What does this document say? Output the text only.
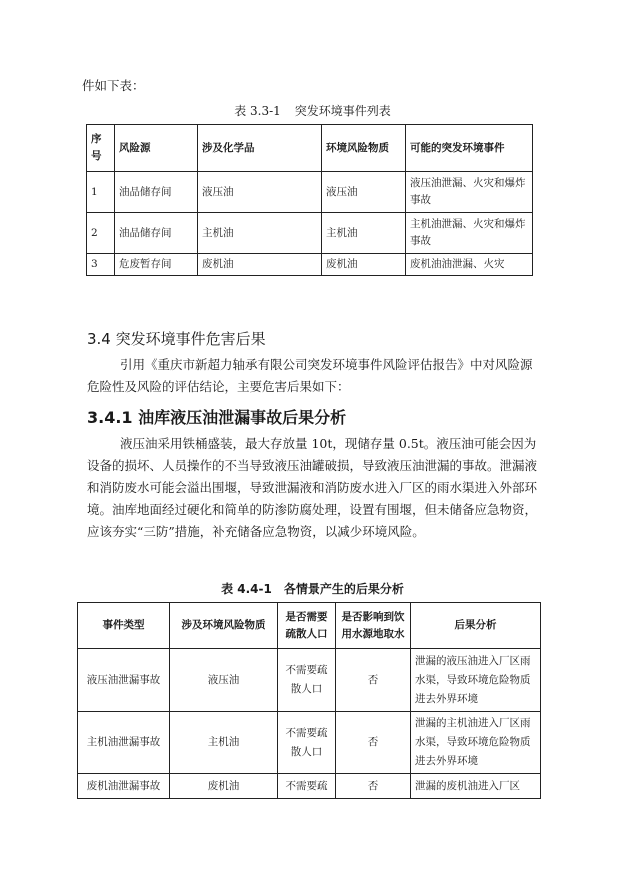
件如下表：
表 3.3-1 突发环境事件列表
序号	风险源	涉及化学品	环境风险物质	可能的突发环境事件
1	油品储存间	液压油	液压油	液压油泄漏、火灾和爆炸事故
2	油品储存间	主机油	主机油	主机油泄漏、火灾和爆炸事故
3	危废暂存间	废机油	废机油	废机油油泄漏、火灾
3.4 突发环境事件危害后果
引用《重庆市新超力轴承有限公司突发环境事件风险评估报告》中对风险源危险性及风险的评估结论，主要危害后果如下：
3.4.1 油库液压油泄漏事故后果分析
液压油采用铁桶盛装，最大存放量 10t，现储存量 0.5t。液压油可能会因为设备的损坏、人员操作的不当导致液压油罐破损，导致液压油泄漏的事故。泄漏液和消防废水可能会溢出围堰，导致泄漏液和消防废水进入厂区的雨水渠进入外部环境。油库地面经过硬化和简单的防渗防腐处理，设置有围堰，但未储备应急物资，应该夯实“三防”措施，补充储备应急物资，以减少环境风险。
表 4.4-1 各情景产生的后果分析
事件类型	涉及环境风险物质	是否需要疏散人口	是否影响到饮用水源地取水	后果分析
液压油泄漏事故	液压油	不需要疏散人口	否	泄漏的液压油进入厂区雨水渠，导致环境危险物质进去外界环境
主机油泄漏事故	主机油	不需要疏散人口	否	泄漏的主机油进入厂区雨水渠，导致环境危险物质进去外界环境
废机油泄漏事故	废机油	不需要疏	否	泄漏的废机油进入厂区
